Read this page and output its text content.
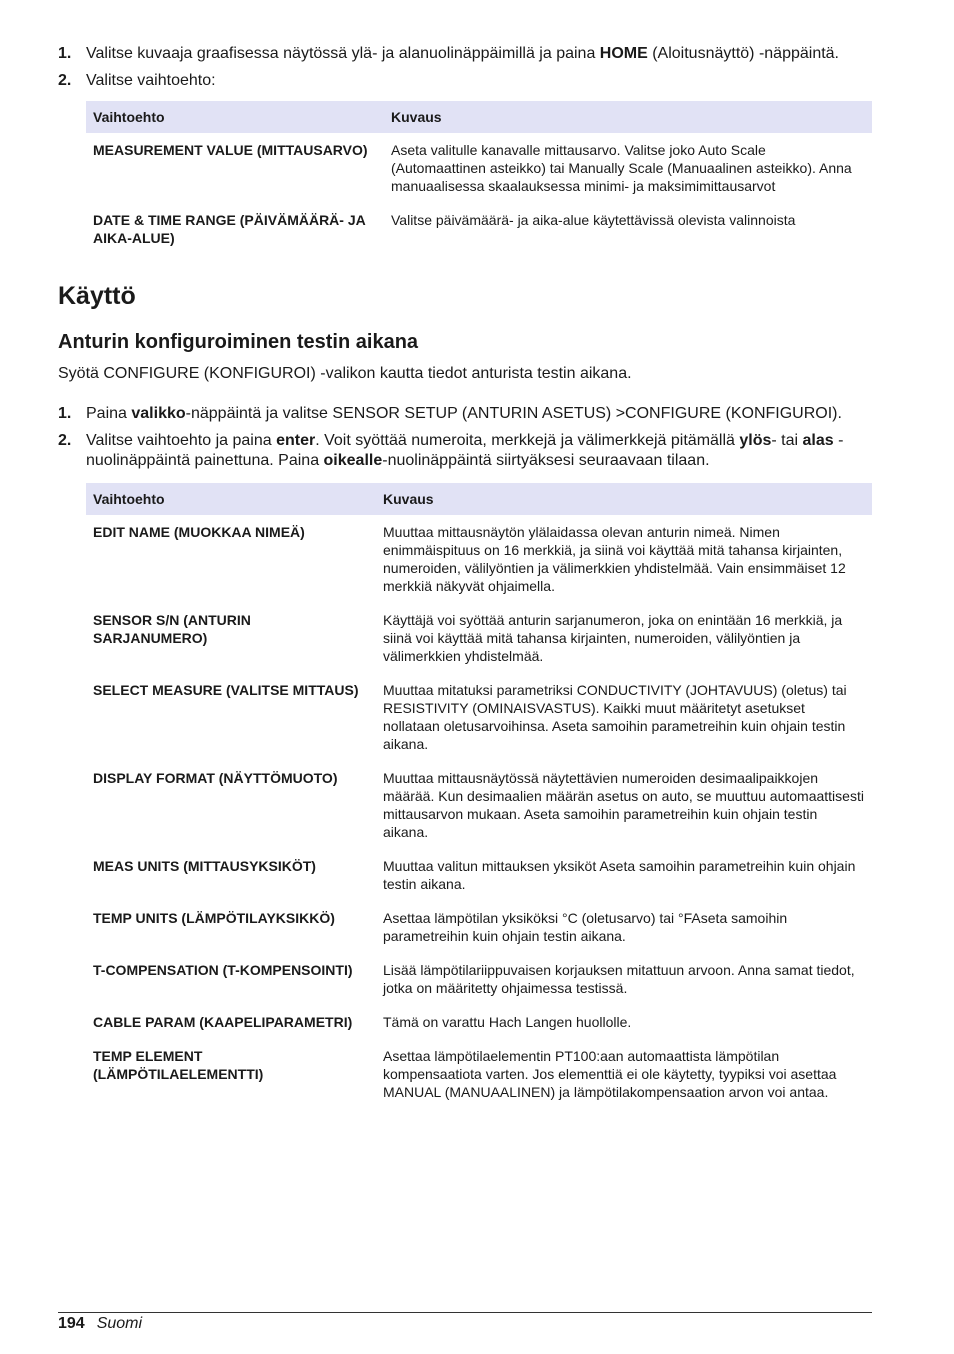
1. Valitse kuvaaja graafisessa näytössä ylä- ja alanuolinäppäimillä ja paina HOME (Aloitusnäyttö) -näppäintä.
2. Valitse vaihtoehto:
Vaihtoehto	Kuvaus
MEASUREMENT VALUE (MITTAUSARVO)	Aseta valitulle kanavalle mittausarvo. Valitse joko Auto Scale (Automaattinen asteikko) tai Manually Scale (Manuaalinen asteikko). Anna manuaalisessa skaalauksessa minimi- ja maksimimittausarvot
DATE & TIME RANGE (PÄIVÄMÄÄRÄ- JA AIKA-ALUE)	Valitse päivämäärä- ja aika-alue käytettävissä olevista valinnoista
Käyttö
Anturin konfiguroiminen testin aikana
Syötä CONFIGURE (KONFIGUROI) -valikon kautta tiedot anturista testin aikana.
1. Paina valikko-näppäintä ja valitse SENSOR SETUP (ANTURIN ASETUS) >CONFIGURE (KONFIGUROI).
2. Valitse vaihtoehto ja paina enter. Voit syöttää numeroita, merkkejä ja välimerkkejä pitämällä ylös- tai alas -nuolinäppäintä painettuna. Paina oikealle-nuolinäppäintä siirtyäksesi seuraavaan tilaan.
Vaihtoehto	Kuvaus
EDIT NAME (MUOKKAA NIMEÄ)	Muuttaa mittausnäytön ylälaidassa olevan anturin nimeä. Nimen enimmäispituus on 16 merkkiä, ja siinä voi käyttää mitä tahansa kirjainten, numeroiden, välilyöntien ja välimerkkien yhdistelmää. Vain ensimmäiset 12 merkkiä näkyvät ohjaimella.
SENSOR S/N (ANTURIN SARJANUMERO)	Käyttäjä voi syöttää anturin sarjanumeron, joka on enintään 16 merkkiä, ja siinä voi käyttää mitä tahansa kirjainten, numeroiden, välilyöntien ja välimerkkien yhdistelmää.
SELECT MEASURE (VALITSE MITTAUS)	Muuttaa mitatuksi parametriksi CONDUCTIVITY (JOHTAVUUS) (oletus) tai RESISTIVITY (OMINAISVASTUS). Kaikki muut määritetyt asetukset nollataan oletusarvoihinsa. Aseta samoihin parametreihin kuin ohjain testin aikana.
DISPLAY FORMAT (NÄYTTÖMUOTO)	Muuttaa mittausnäytössä näytettävien numeroiden desimaalipaikkojen määrää. Kun desimaalien määrän asetus on auto, se muuttuu automaattisesti mittausarvon mukaan. Aseta samoihin parametreihin kuin ohjain testin aikana.
MEAS UNITS (MITTAUSYKSIKÖT)	Muuttaa valitun mittauksen yksiköt Aseta samoihin parametreihin kuin ohjain testin aikana.
TEMP UNITS (LÄMPÖTILAYKSIKKÖ)	Asettaa lämpötilan yksiköksi °C (oletusarvo) tai °FAseta samoihin parametreihin kuin ohjain testin aikana.
T-COMPENSATION (T-KOMPENSOINTI)	Lisää lämpötilariippuvaisen korjauksen mitattuun arvoon. Anna samat tiedot, jotka on määritetty ohjaimessa testissä.
CABLE PARAM (KAAPELIPARAMETRI)	Tämä on varattu Hach Langen huollolle.
TEMP ELEMENT (LÄMPÖTILAELEMENTTI)	Asettaa lämpötilaelementin PT100:aan automaattista lämpötilan kompensaatiota varten. Jos elementtiä ei ole käytetty, tyypiksi voi asettaa MANUAL (MANUAALINEN) ja lämpötilakompensaation arvon voi antaa.
194 Suomi
